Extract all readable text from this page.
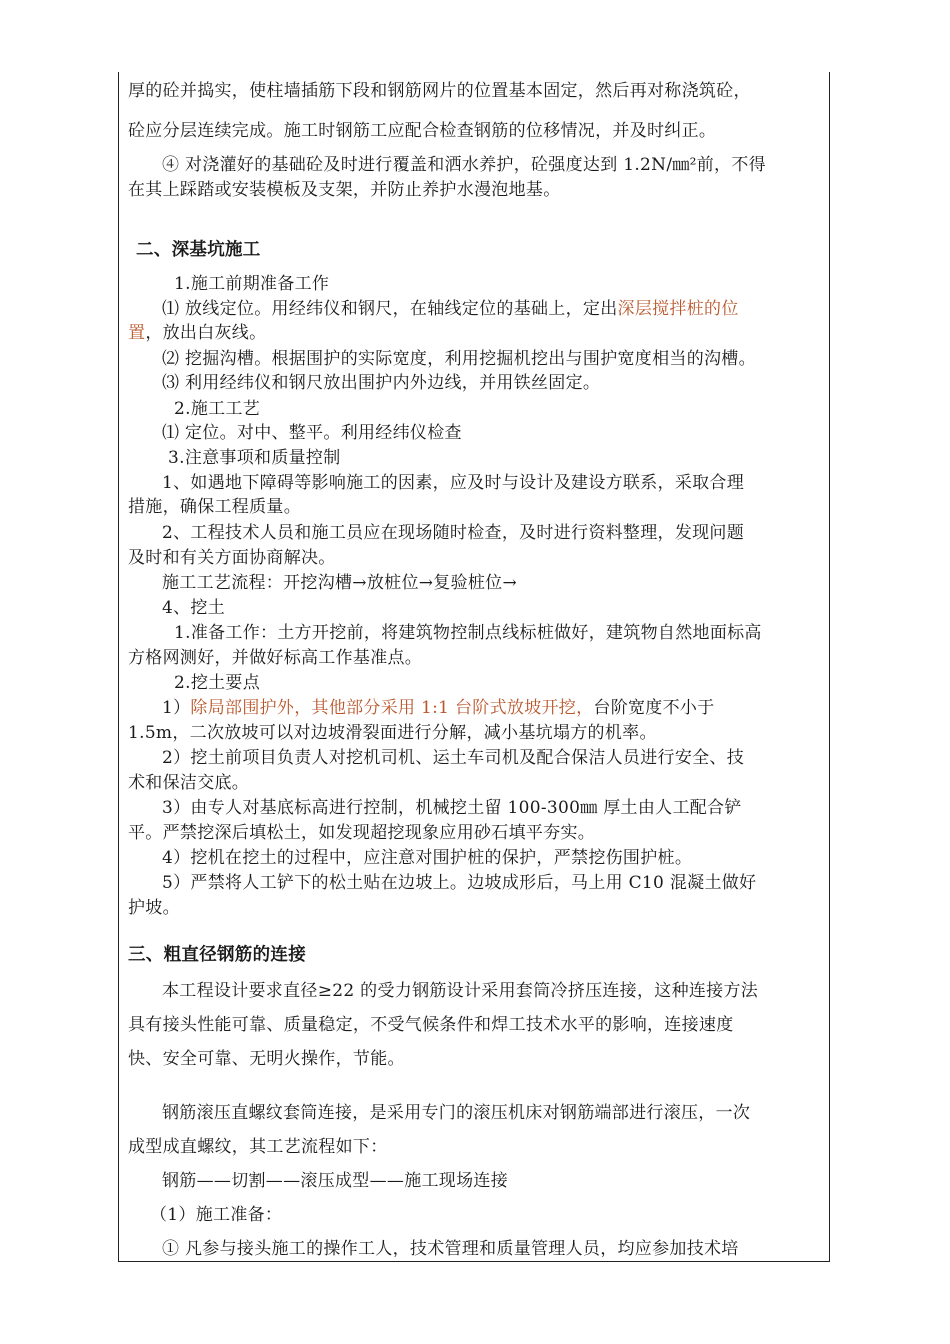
厚的砼并捣实，使柱墙插筋下段和钢筋网片的位置基本固定，然后再对称浇筑砼，
砼应分层连续完成。施工时钢筋工应配合检查钢筋的位移情况，并及时纠正。
④ 对浇灌好的基础砼及时进行覆盖和洒水养护，砼强度达到 1.2N/㎜²前，不得
在其上踩踏或安装模板及支架，并防止养护水漫泡地基。
二、深基坑施工
1.施工前期准备工作
⑴ 放线定位。用经纬仪和钢尺，在轴线定位的基础上，定出深层搅拌桩的位
置，放出白灰线。
⑵ 挖掘沟槽。根据围护的实际宽度，利用挖掘机挖出与围护宽度相当的沟槽。
⑶ 利用经纬仪和钢尺放出围护内外边线，并用铁丝固定。
2.施工工艺
⑴ 定位。对中、整平。利用经纬仪检查
3.注意事项和质量控制
1、如遇地下障碍等影响施工的因素，应及时与设计及建设方联系，采取合理
措施，确保工程质量。
2、工程技术人员和施工员应在现场随时检查，及时进行资料整理，发现问题
及时和有关方面协商解决。
施工工艺流程：开挖沟槽→放桩位→复验桩位→
4、挖土
1.准备工作：土方开挖前，将建筑物控制点线标桩做好，建筑物自然地面标高
方格网测好，并做好标高工作基准点。
2.挖土要点
1）除局部围护外，其他部分采用 1:1 台阶式放坡开挖，台阶宽度不小于
1.5m，二次放坡可以对边坡滑裂面进行分解，减小基坑塌方的机率。
2）挖土前项目负责人对挖机司机、运土车司机及配合保洁人员进行安全、技
术和保洁交底。
3）由专人对基底标高进行控制，机械挖土留 100-300㎜ 厚土由人工配合铲
平。严禁挖深后填松土，如发现超挖现象应用砂石填平夯实。
4）挖机在挖土的过程中，应注意对围护桩的保护，严禁挖伤围护桩。
5）严禁将人工铲下的松土贴在边坡上。边坡成形后，马上用 C10 混凝土做好
护坡。
三、粗直径钢筋的连接
本工程设计要求直径≥22 的受力钢筋设计采用套筒冷挤压连接，这种连接方法
具有接头性能可靠、质量稳定，不受气候条件和焊工技术水平的影响，连接速度
快、安全可靠、无明火操作，节能。
钢筋滚压直螺纹套筒连接，是采用专门的滚压机床对钢筋端部进行滚压，一次
成型成直螺纹，其工艺流程如下：
钢筋——切割——滚压成型——施工现场连接
（1）施工准备：
① 凡参与接头施工的操作工人，技术管理和质量管理人员，均应参加技术培
